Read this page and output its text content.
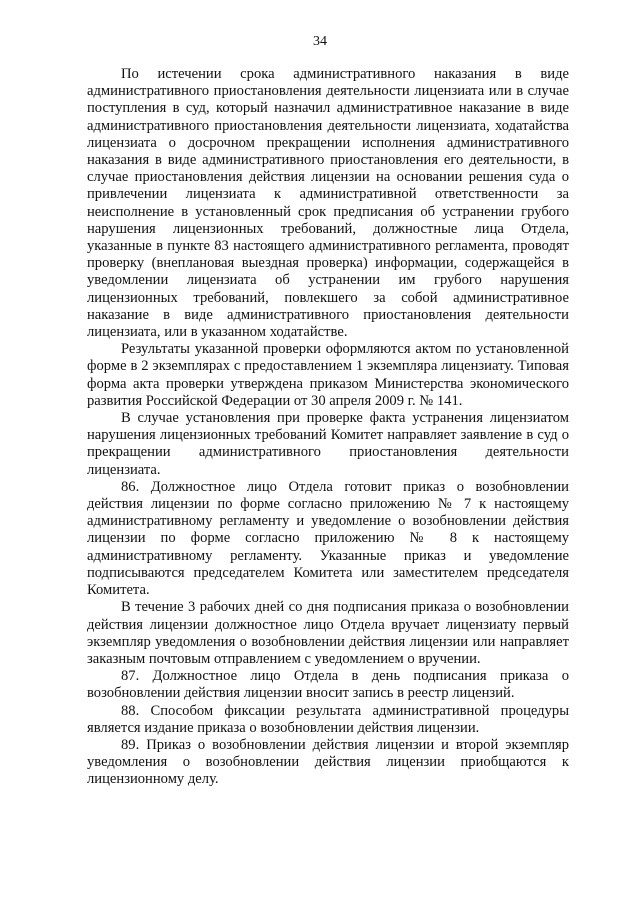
34

По истечении срока административного наказания в виде административного приостановления деятельности лицензиата или в случае поступления в суд, который назначил административное наказание в виде административного приостановления деятельности лицензиата, ходатайства лицензиата о досрочном прекращении исполнения административного наказания в виде административного приостановления его деятельности, в случае приостановления действия лицензии на основании решения суда о привлечении лицензиата к административной ответственности за неисполнение в установленный срок предписания об устранении грубого нарушения лицензионных требований, должностные лица Отдела, указанные в пункте 83 настоящего административного регламента, проводят проверку (внеплановая выездная проверка) информации, содержащейся в уведомлении лицензиата об устранении им грубого нарушения лицензионных требований, повлекшего за собой административное наказание в виде административного приостановления деятельности лицензиата, или в указанном ходатайстве.

Результаты указанной проверки оформляются актом по установленной форме в 2 экземплярах с предоставлением 1 экземпляра лицензиату. Типовая форма акта проверки утверждена приказом Министерства экономического развития Российской Федерации от 30 апреля 2009 г. № 141.

В случае установления при проверке факта устранения лицензиатом нарушения лицензионных требований Комитет направляет заявление в суд о прекращении административного приостановления деятельности лицензиата.

86. Должностное лицо Отдела готовит приказ о возобновлении действия лицензии по форме согласно приложению № 7 к настоящему административному регламенту и уведомление о возобновлении действия лицензии по форме согласно приложению № 8 к настоящему административному регламенту. Указанные приказ и уведомление подписываются председателем Комитета или заместителем председателя Комитета.

В течение 3 рабочих дней со дня подписания приказа о возобновлении действия лицензии должностное лицо Отдела вручает лицензиату первый экземпляр уведомления о возобновлении действия лицензии или направляет заказным почтовым отправлением с уведомлением о вручении.

87. Должностное лицо Отдела в день подписания приказа о возобновлении действия лицензии вносит запись в реестр лицензий.

88. Способом фиксации результата административной процедуры является издание приказа о возобновлении действия лицензии.

89. Приказ о возобновлении действия лицензии и второй экземпляр уведомления о возобновлении действия лицензии приобщаются к лицензионному делу.
